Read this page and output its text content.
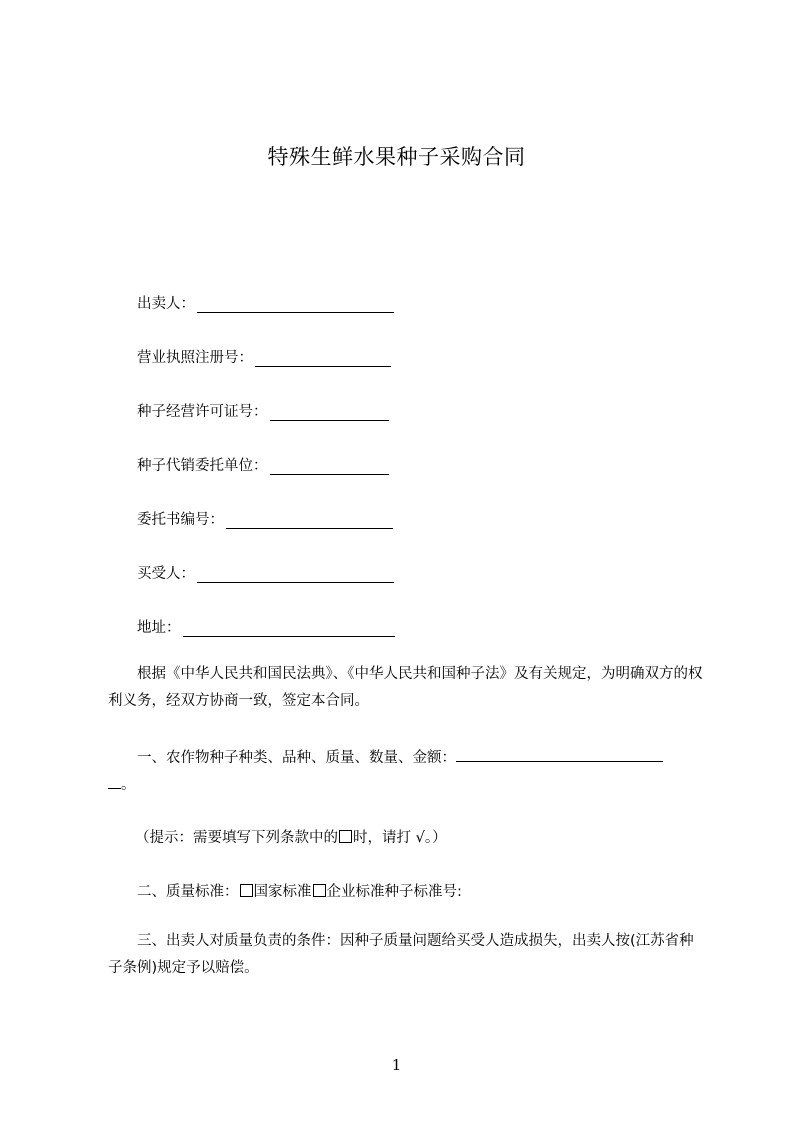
特殊生鲜水果种子采购合同
出卖人：
营业执照注册号：
种子经营许可证号：
种子代销委托单位：
委托书编号：
买受人：
地址：
根据《中华人民共和国民法典》、《中华人民共和国种子法》及有关规定，为明确双方的权利义务，经双方协商一致，签定本合同。
一、农作物种子种类、品种、质量、数量、金额：
。
（提示：需要填写下列条款中的 时，请打 √。）
二、质量标准： 国家标准 企业标准种子标准号:
三、出卖人对质量负责的条件：因种子质量问题给买受人造成损失，出卖人按(江苏省种子条例)规定予以赔偿。
1
